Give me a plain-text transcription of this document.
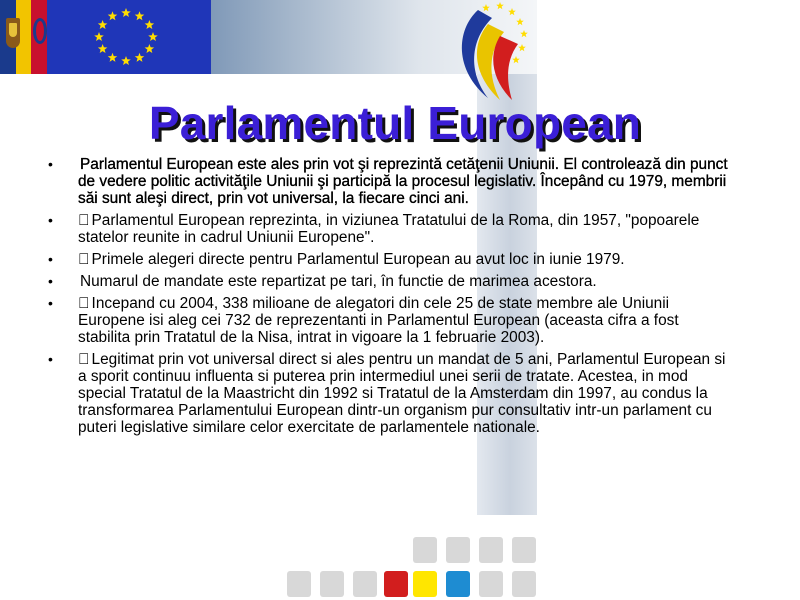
Parlamentul European
• Parlamentul European este ales prin vot şi reprezintă cetăţenii Uniunii. El controlează din punct de vedere politic activităţile Uniunii şi participă la procesul legislativ. Începând cu 1979, membrii săi sunt aleşi direct, prin vot universal, la fiecare cinci ani.
• Parlamentul European reprezinta, in viziunea Tratatului de la Roma, din 1957, "popoarele statelor reunite in cadrul Uniunii Europene".
• Primele alegeri directe pentru Parlamentul European au avut loc in iunie 1979.
• Numarul de mandate este repartizat pe tari, în functie de marimea acestora.
• Incepand cu 2004, 338 milioane de alegatori din cele 25 de state membre ale Uniunii Europene isi aleg cei 732 de reprezentanti in Parlamentul European (aceasta cifra a fost stabilita prin Tratatul de la Nisa, intrat in vigoare la 1 februarie 2003).
• Legitimat prin vot universal direct si ales pentru un mandat de 5 ani, Parlamentul European si a sporit continuu influenta si puterea prin intermediul unei serii de tratate. Acestea, in mod special Tratatul de la Maastricht din 1992 si Tratatul de la Amsterdam din 1997, au condus la transformarea Parlamentului European dintr-un organism pur consultativ intr-un parlament cu puteri legislative similare celor exercitate de parlamentele nationale.
